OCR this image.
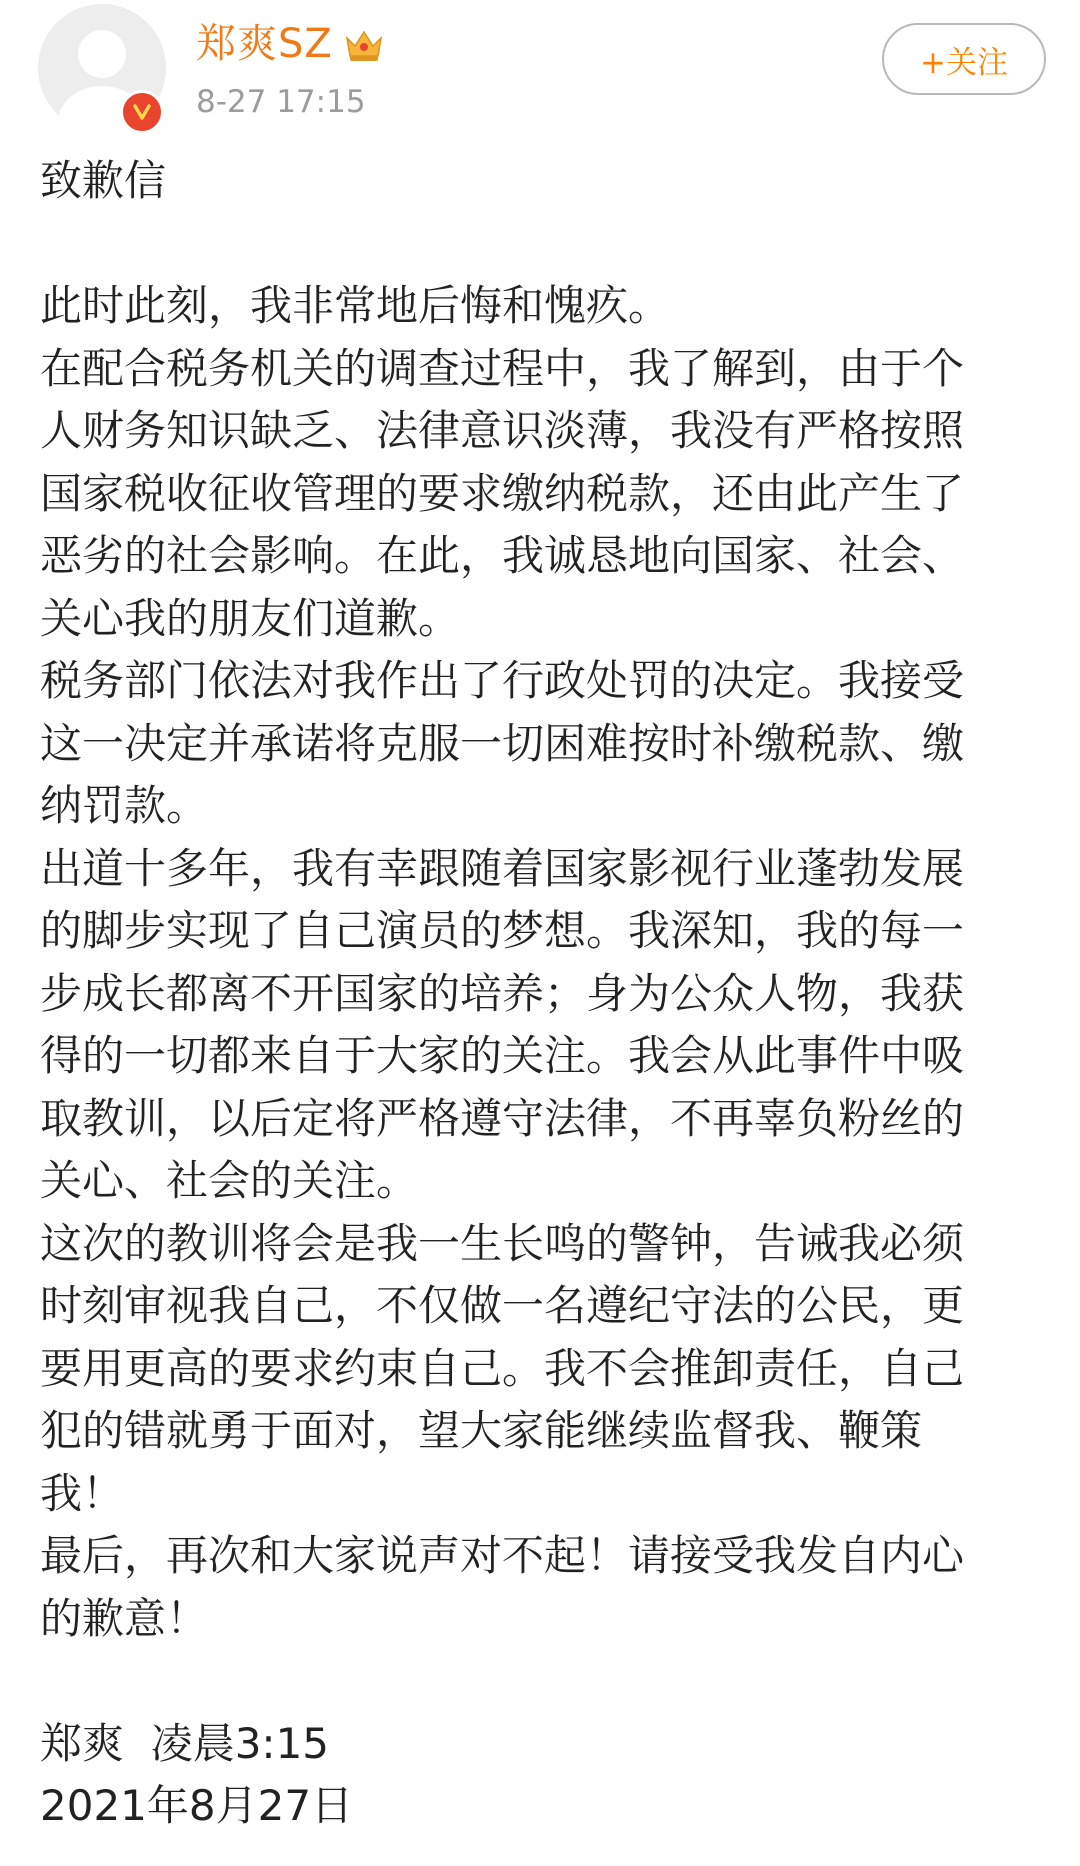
郑爽SZ
8-27 17:15
+关注

致歉信

此时此刻，我非常地后悔和愧疚。

在配合税务机关的调查过程中，我了解到，由于个

人财务知识缺乏、法律意识淡薄，我没有严格按照

国家税收征收管理的要求缴纳税款，还由此产生了

恶劣的社会影响。在此，我诚恳地向国家、社会、

关心我的朋友们道歉。

税务部门依法对我作出了行政处罚的决定。我接受

这一决定并承诺将克服一切困难按时补缴税款、缴

纳罚款。

出道十多年，我有幸跟随着国家影视行业蓬勃发展

的脚步实现了自己演员的梦想。我深知，我的每一

步成长都离不开国家的培养；身为公众人物，我获

得的一切都来自于大家的关注。我会从此事件中吸

取教训，以后定将严格遵守法律，不再辜负粉丝的

关心、社会的关注。

这次的教训将会是我一生长鸣的警钟，告诫我必须

时刻审视我自己，不仅做一名遵纪守法的公民，更

要用更高的要求约束自己。我不会推卸责任，自己

犯的错就勇于面对，望大家能继续监督我、鞭策

我！

最后，再次和大家说声对不起！请接受我发自内心

的歉意！

郑爽  凌晨3:15

2021年8月27日
